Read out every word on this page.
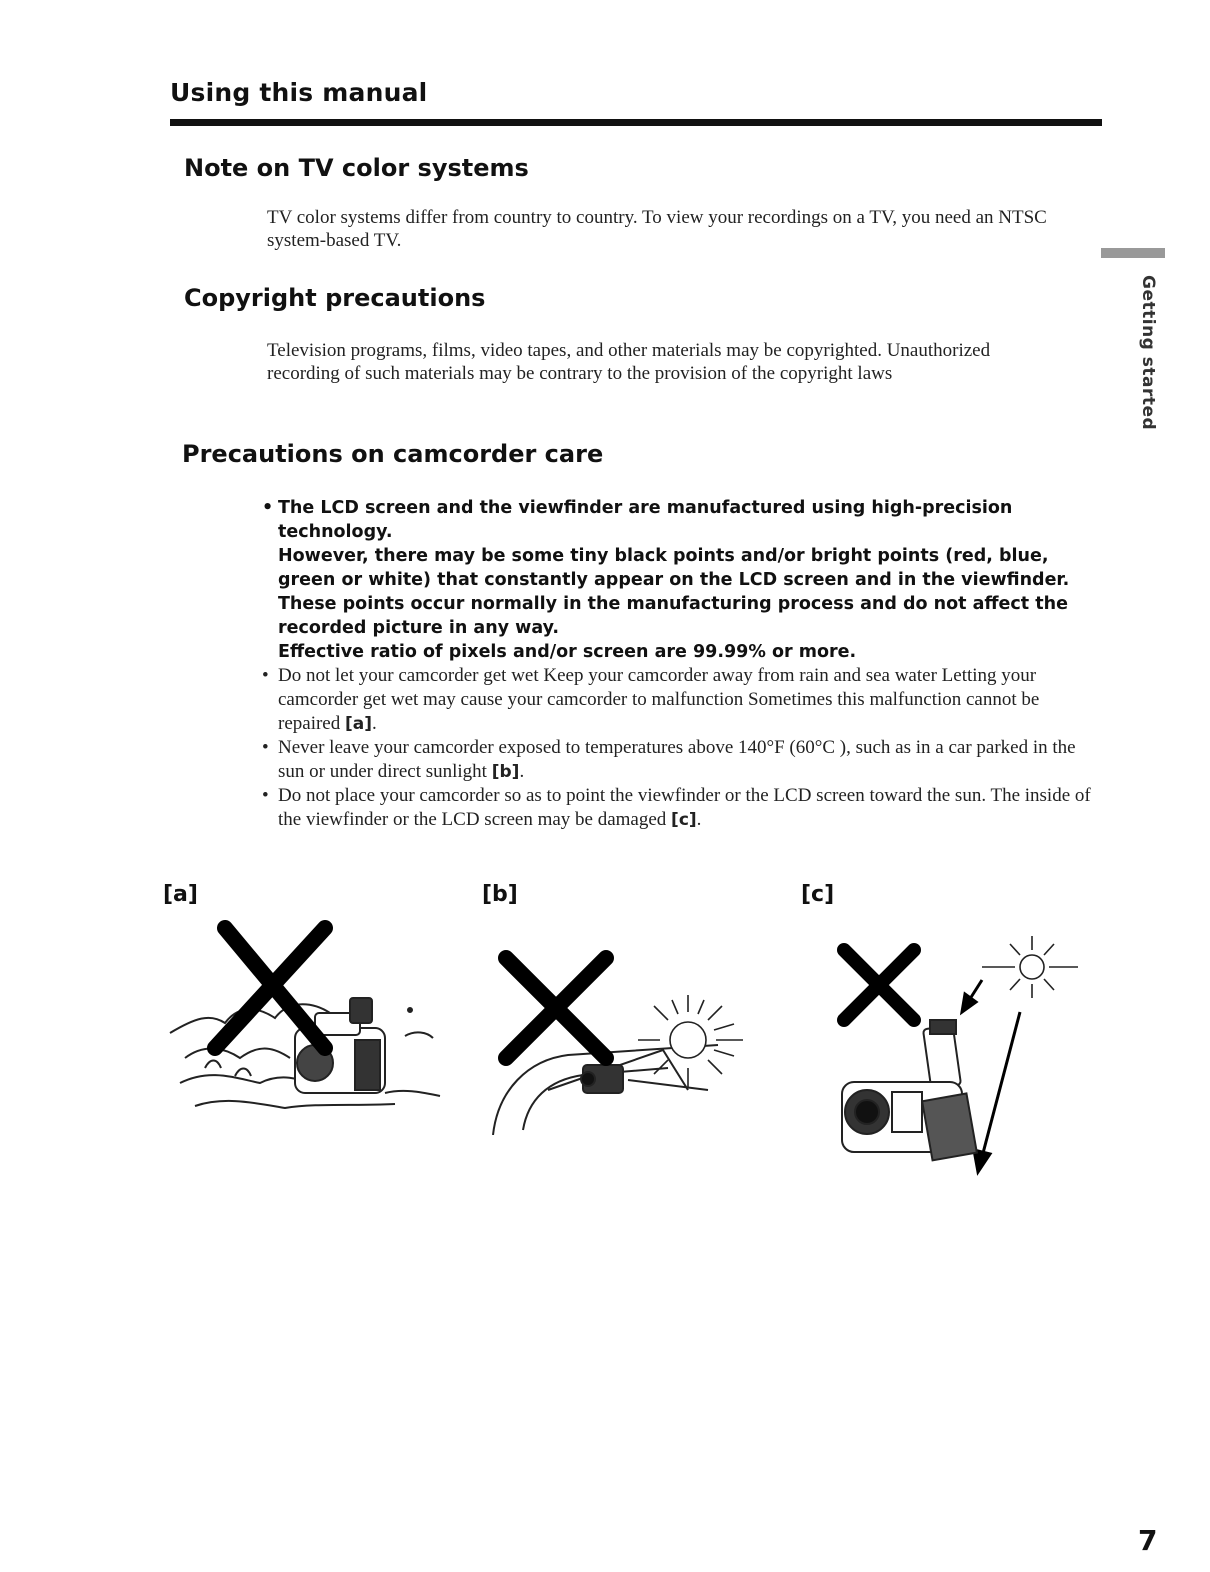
Using this manual
Note on TV color systems
TV color systems differ from country to country. To view your recordings on a TV, you need an NTSC system-based TV.
Copyright precautions
Television programs, films, video tapes, and other materials may be copyrighted. Unauthorized recording of such materials may be contrary to the provision of the copyright laws
Precautions on camcorder care
• The LCD screen and the viewfinder are manufactured using high-precision technology.

However, there may be some tiny black points and/or bright points (red, blue, green or white) that constantly appear on the LCD screen and in the viewfinder. These points occur normally in the manufacturing process and do not affect the recorded picture in any way.

Effective ratio of pixels and/or screen are 99.99% or more.

• Do not let your camcorder get wet Keep your camcorder away from rain and sea water Letting your camcorder get wet may cause your camcorder to malfunction Sometimes this malfunction cannot be repaired [a].
• Never leave your camcorder exposed to temperatures above 140°F (60°C ), such as in a car parked in the sun or under direct sunlight [b].
• Do not place your camcorder so as to point the viewfinder or the LCD screen toward the sun. The inside of the viewfinder or the LCD screen may be damaged [c].
[a]	[b]	[c]
Getting started
7
